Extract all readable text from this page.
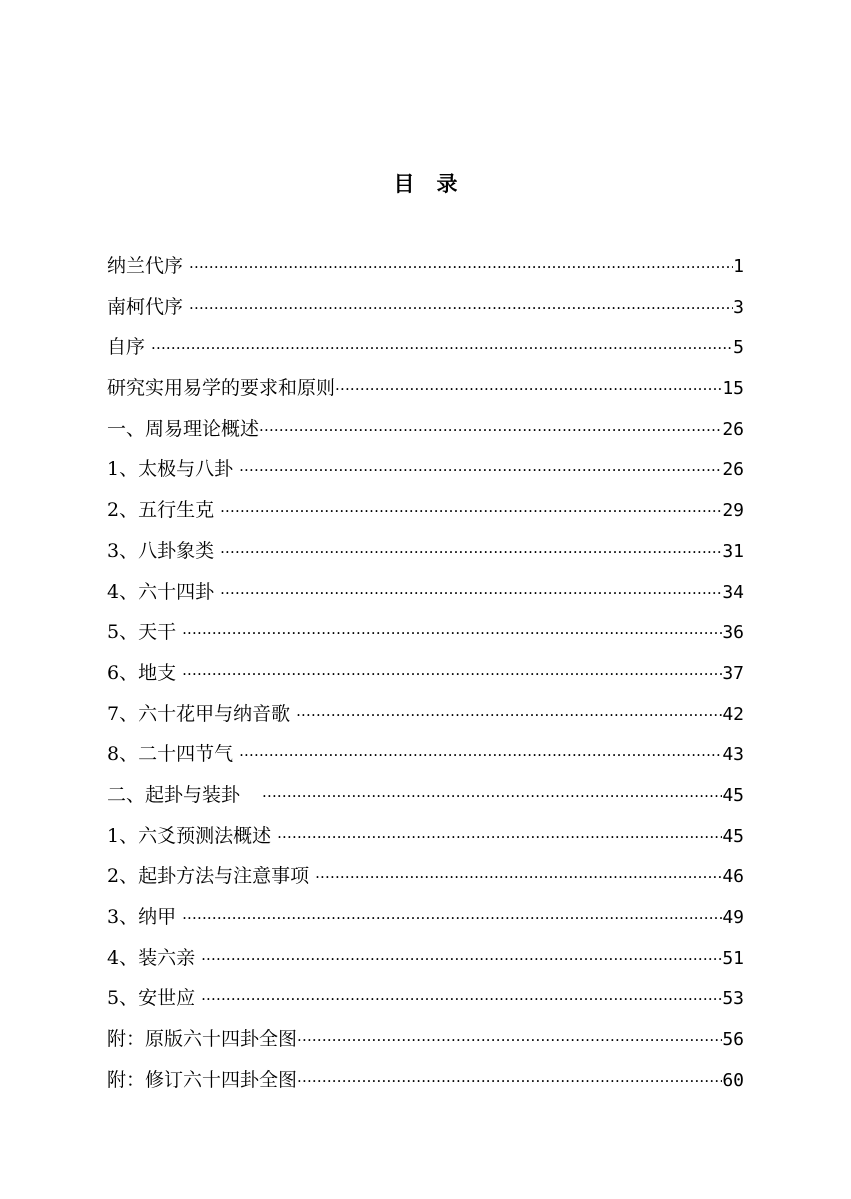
目 录
纳兰代序 ·····	1
南柯代序 ·····	3
自序 ·····	5
研究实用易学的要求和原则 ·····	15
一、周易理论概述 ·····	26
1、太极与八卦 ·····	26
2、五行生克 ·····	29
3、八卦象类 ·····	31
4、六十四卦 ·····	34
5、天干 ·····	36
6、地支 ·····	37
7、六十花甲与纳音歌 ·····	42
8、二十四节气 ·····	43
二、起卦与装卦 ·····	45
1、六爻预测法概述 ·····	45
2、起卦方法与注意事项 ·····	46
3、纳甲 ·····	49
4、装六亲 ·····	51
5、安世应 ·····	53
附：原版六十四卦全图 ·····	56
附：修订六十四卦全图 ·····	60
